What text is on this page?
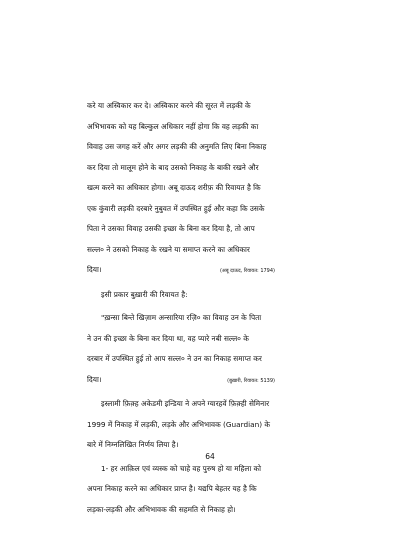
करे या अस्विकार कर दे। अस्विकार करने की सूरत में लड़की के
अभिभावक को यह बिल्कुल अधिकार नहीं होगा कि वह लड़की का
विवाह उस जगह करें और अगर लड़की की अनुमति लिए बिना निकाह
कर दिया तो मालूम होने के बाद उसको निकाह के बाकी रखने और
खत्म करने का अधिकार होगा। अबू दाऊद शरीफ़ की रिवायत है कि
एक कुंवारी लड़की दरबारे नुबुवत में उपस्थित हुई और कहा कि उसके
पिता ने उसका विवाह उसकी इच्छा के बिना कर दिया है, तो आप
सल्ल० ने उसको निकाह के रखने या समाप्त करने का अधिकार
दिया।	(अबू दाऊद, रिवायत: 1794)
इसी प्रकार बुख़ारी की रिवायत है:
"ख़न्सा बिन्ते खिज़ाम अन्सारिया रज़ि० का विवाह उन के पिता
ने उन की इच्छा के बिना कर दिया था, वह प्यारे नबी सल्ल० के
दरबार में उपस्थित हुई तो आप सल्ल० ने उन का निकाह समाप्त कर
दिया।	(बुख़ारी, रिवायत: 5139)
इस्लामी फ़िक़्ह अकेडमी इन्डिया ने अपने ग्यारहवें फ़िक़्ही सेमिनार
1999 में निकाह में लड़की, लड़के और अभिभावक (Guardian) के
बारे में निम्नलिखित निर्णय लिया है।
1- हर आक़िल एवं व्यस्क को चाहे वह पुरुष हो या महिला को
अपना निकाह करने का अधिकार प्राप्त है। यद्यपि बेहतर यह है कि
लड़का-लड़की और अभिभावक की सहमति से निकाह हो।
64
